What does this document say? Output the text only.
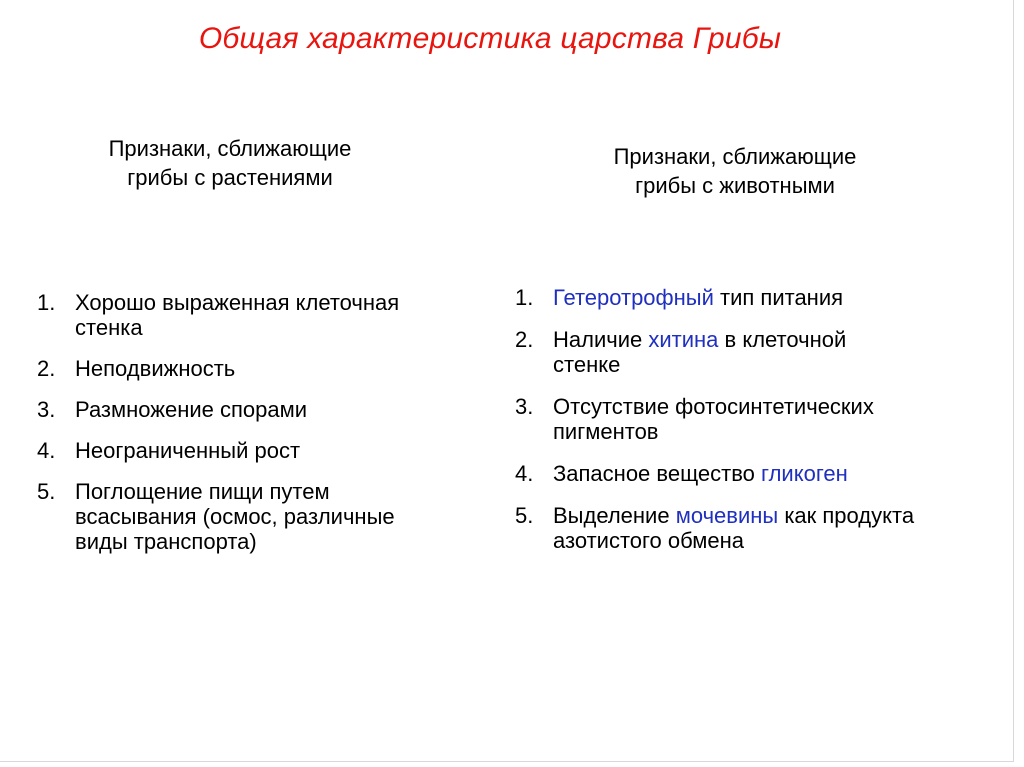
Общая характеристика царства Грибы
Признаки, сближающие
грибы с растениями
Признаки, сближающие
грибы с животными
1. Хорошо выраженная клеточная
стенка
2. Неподвижность
3. Размножение спорами
4. Неограниченный рост
5. Поглощение пищи путем
всасывания (осмос, различные
виды транспорта)
1. Гетеротрофный тип питания
2. Наличие хитина в клеточной
стенке
3. Отсутствие фотосинтетических
пигментов
4. Запасное вещество гликоген
5. Выделение мочевины как продукта
азотистого обмена
